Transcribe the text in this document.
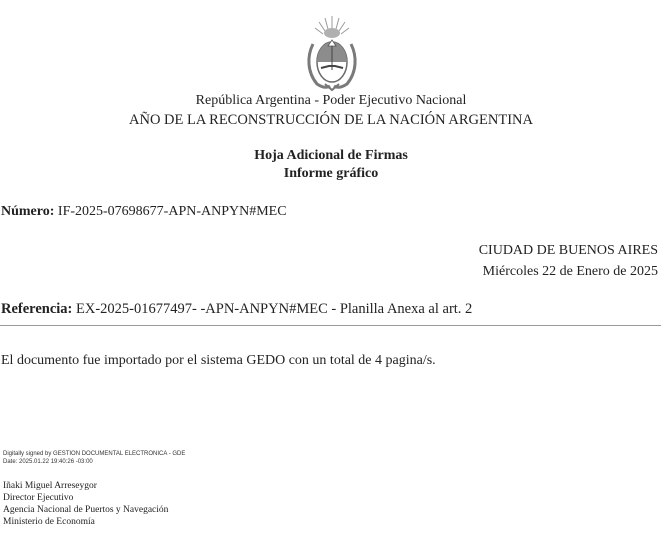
República Argentina - Poder Ejecutivo Nacional
AÑO DE LA RECONSTRUCCIÓN DE LA NACIÓN ARGENTINA
Hoja Adicional de Firmas
Informe gráfico
Número: IF-2025-07698677-APN-ANPYN#MEC
CIUDAD DE BUENOS AIRES
Miércoles 22 de Enero de 2025
Referencia: EX-2025-01677497- -APN-ANPYN#MEC - Planilla Anexa al art. 2
El documento fue importado por el sistema GEDO con un total de 4 pagina/s.
Digitally signed by GESTION DOCUMENTAL ELECTRONICA - GDE
Date: 2025.01.22 19:40:26 -03:00
Iñaki Miguel Arreseygor
Director Ejecutivo
Agencia Nacional de Puertos y Navegación
Ministerio de Economía
